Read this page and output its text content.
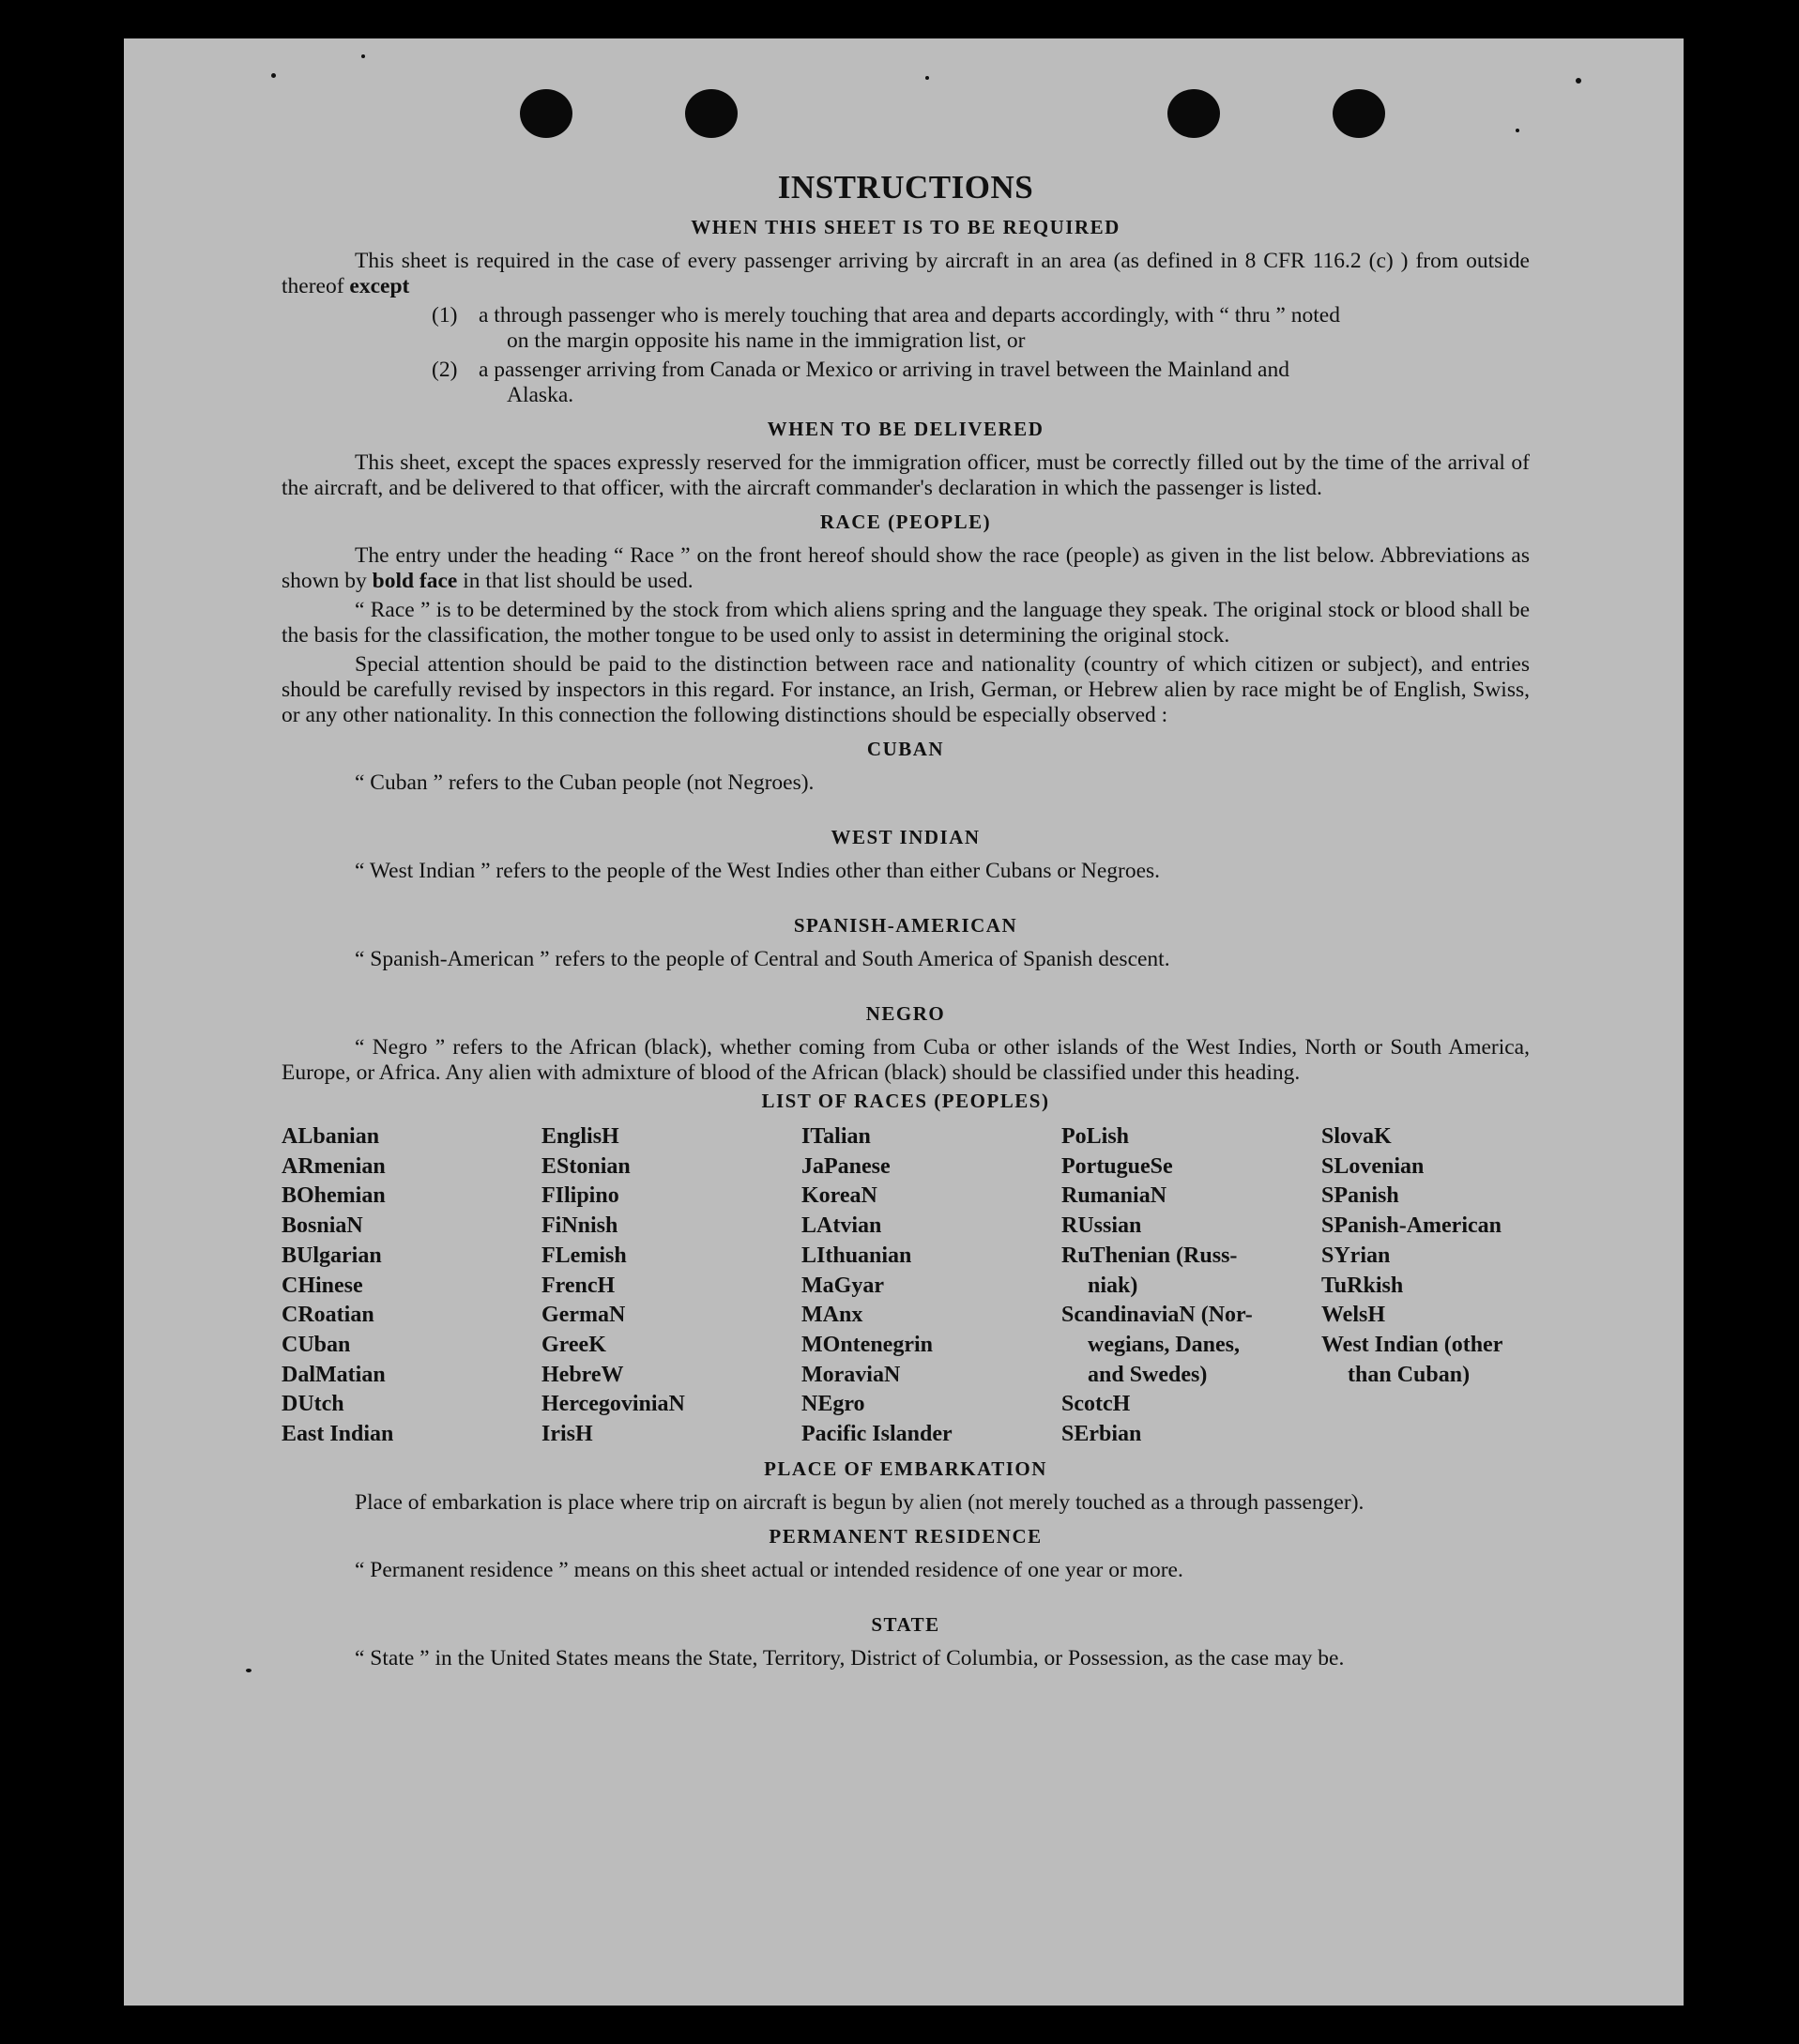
INSTRUCTIONS
WHEN THIS SHEET IS TO BE REQUIRED

This sheet is required in the case of every passenger arriving by aircraft in an area (as defined in 8 CFR 116.2 (c) ) from outside thereof except

(1) a through passenger who is merely touching that area and departs accordingly, with “ thru ” noted
on the margin opposite his name in the immigration list, or
(2) a passenger arriving from Canada or Mexico or arriving in travel between the Mainland and
Alaska.
WHEN TO BE DELIVERED

This sheet, except the spaces expressly reserved for the immigration officer, must be correctly filled out by the time of the arrival of the aircraft, and be delivered to that officer, with the aircraft commander's declaration in which the passenger is listed.

RACE (PEOPLE)

The entry under the heading “ Race ” on the front hereof should show the race (people) as given in the list below. Abbreviations as shown by bold face in that list should be used.

“ Race ” is to be determined by the stock from which aliens spring and the language they speak. The original stock or blood shall be the basis for the classification, the mother tongue to be used only to assist in determining the original stock.

Special attention should be paid to the distinction between race and nationality (country of which citizen or subject), and entries should be carefully revised by inspectors in this regard. For instance, an Irish, German, or Hebrew alien by race might be of English, Swiss, or any other nationality. In this connection the following distinctions should be especially observed :

CUBAN

“ Cuban ” refers to the Cuban people (not Negroes).

WEST INDIAN

“ West Indian ” refers to the people of the West Indies other than either Cubans or Negroes.

SPANISH-AMERICAN

“ Spanish-American ” refers to the people of Central and South America of Spanish descent.

NEGRO

“ Negro ” refers to the African (black), whether coming from Cuba or other islands of the West Indies, North or South America, Europe, or Africa. Any alien with admixture of blood of the African (black) should be classified under this heading.

LIST OF RACES (PEOPLES)
ALbanian
ARmenian
BOhemian
BosniaN
BUlgarian
CHinese
CRoatian
CUban
DalMatian
DUtch
East Indian
EnglisH
EStonian
FIlipino
FiNnish
FLemish
FrencH
GermaN
GreeK
HebreW
HercegoviniaN
IrisH
ITalian
JaPanese
KoreaN
LAtvian
LIthuanian
MaGyar
MAnx
MOntenegrin
MoraviaN
NEgro
Pacific Islander
PoLish
PortugueSe
RumaniaN
RUssian
RuThenian (Russ-
niak)
ScandinaviaN (Nor-
wegians, Danes,
and Swedes)
ScotcH
SErbian
SlovaK
SLovenian
SPanish
SPanish-American
SYrian
TuRkish
WelsH
West Indian (other
than Cuban)
PLACE OF EMBARKATION

Place of embarkation is place where trip on aircraft is begun by alien (not merely touched as a through passenger).

PERMANENT RESIDENCE

“ Permanent residence ” means on this sheet actual or intended residence of one year or more.

STATE

“ State ” in the United States means the State, Territory, District of Columbia, or Possession, as the case may be.
